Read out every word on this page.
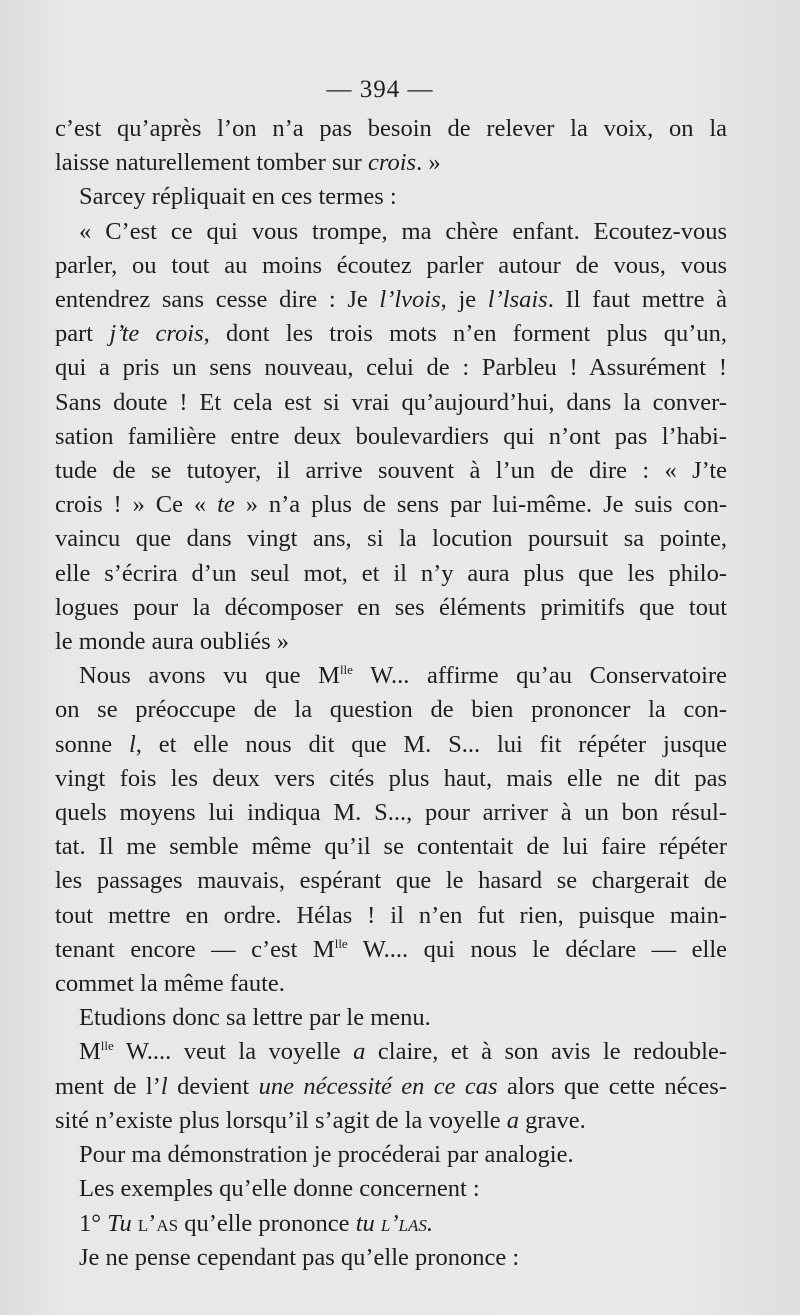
— 394 —
c’est qu’après l’on n’a pas besoin de relever la voix, on la
laisse naturellement tomber sur crois. »
Sarcey répliquait en ces termes :
« C’est ce qui vous trompe, ma chère enfant. Ecoutez-vous
parler, ou tout au moins écoutez parler autour de vous, vous
entendrez sans cesse dire : Je l’lvois, je l’lsais. Il faut mettre à
part j’te crois, dont les trois mots n’en forment plus qu’un,
qui a pris un sens nouveau, celui de : Parbleu ! Assurément !
Sans doute ! Et cela est si vrai qu’aujourd’hui, dans la conver-
sation familière entre deux boulevardiers qui n’ont pas l’habi-
tude de se tutoyer, il arrive souvent à l’un de dire : « J’te
crois ! » Ce « te » n’a plus de sens par lui-même. Je suis con-
vaincu que dans vingt ans, si la locution poursuit sa pointe,
elle s’écrira d’un seul mot, et il n’y aura plus que les philo-
logues pour la décomposer en ses éléments primitifs que tout
le monde aura oubliés »
Nous avons vu que $M^{lle}$ W... affirme qu’au Conservatoire
on se préoccupe de la question de bien prononcer la con-
sonne l, et elle nous dit que M. S... lui fit répéter jusque
vingt fois les deux vers cités plus haut, mais elle ne dit pas
quels moyens lui indiqua M. S..., pour arriver à un bon résul-
tat. Il me semble même qu’il se contentait de lui faire répéter
les passages mauvais, espérant que le hasard se chargerait de
tout mettre en ordre. Hélas ! il n’en fut rien, puisque main-
tenant encore — c’est $M^{lle}$ W.... qui nous le déclare — elle
commet la même faute.
Etudions donc sa lettre par le menu.
$M^{lle}$ W.... veut la voyelle a claire, et à son avis le redouble-
ment de l’l devient une nécessité en ce cas alors que cette néces-
sité n’existe plus lorsqu’il s’agit de la voyelle a grave.
Pour ma démonstration je procéderai par analogie.
Les exemples qu’elle donne concernent :
1° Tu l’as qu’elle prononce tu l’las.
Je ne pense cependant pas qu’elle prononce :
